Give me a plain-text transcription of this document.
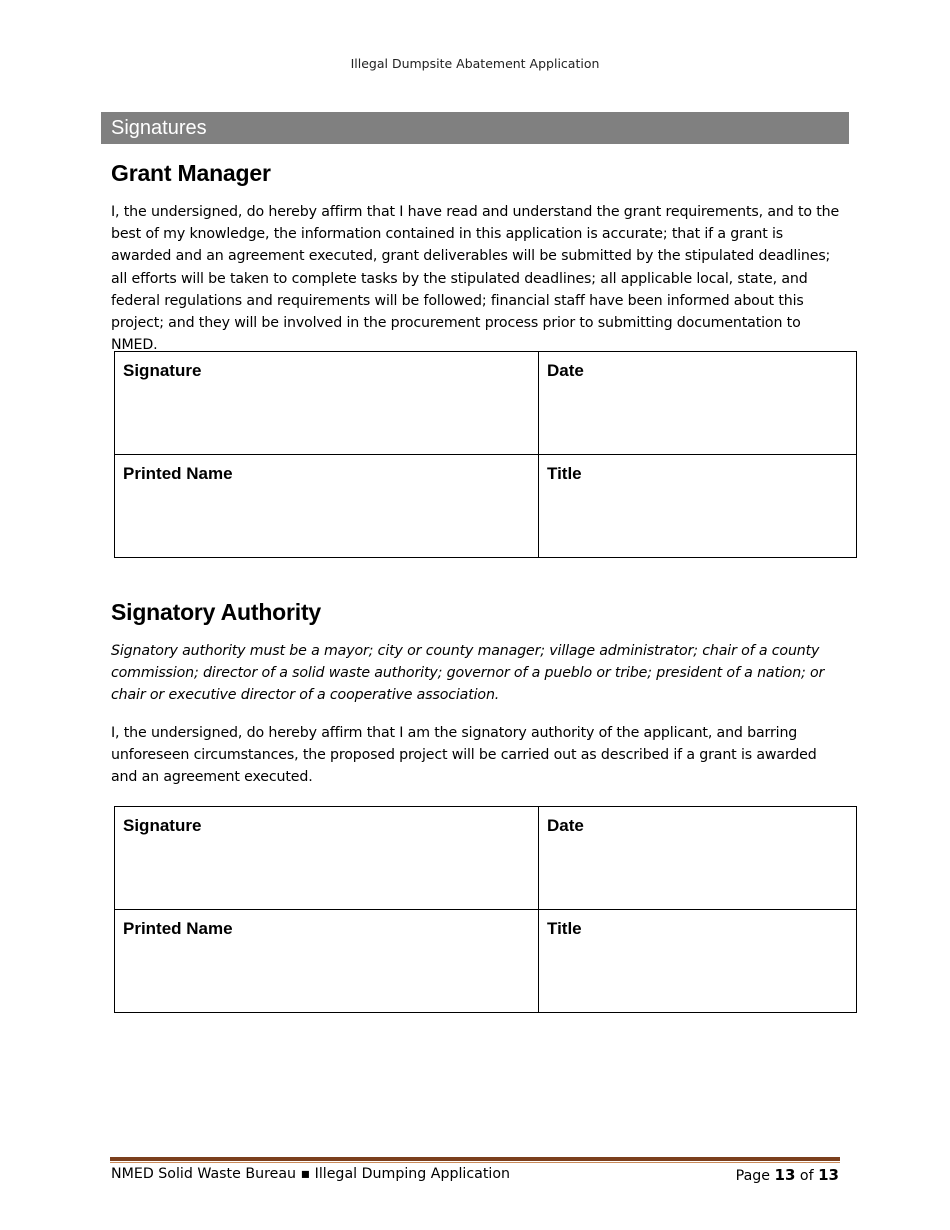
Illegal Dumpsite Abatement Application
Signatures
Grant Manager

I, the undersigned, do hereby affirm that I have read and understand the grant requirements, and to the best of my knowledge, the information contained in this application is accurate; that if a grant is awarded and an agreement executed, grant deliverables will be submitted by the stipulated deadlines; all efforts will be taken to complete tasks by the stipulated deadlines; all applicable local, state, and federal regulations and requirements will be followed; financial staff have been informed about this project; and they will be involved in the procurement process prior to submitting documentation to NMED.

Signature	Date
Printed Name	Title
Signatory Authority

Signatory authority must be a mayor; city or county manager; village administrator; chair of a county commission; director of a solid waste authority; governor of a pueblo or tribe; president of a nation; or chair or executive director of a cooperative association.

I, the undersigned, do hereby affirm that I am the signatory authority of the applicant, and barring unforeseen circumstances, the proposed project will be carried out as described if a grant is awarded and an agreement executed.

Signature	Date
Printed Name	Title
NMED Solid Waste Bureau ▪ Illegal Dumping Application	Page 13 of 13
